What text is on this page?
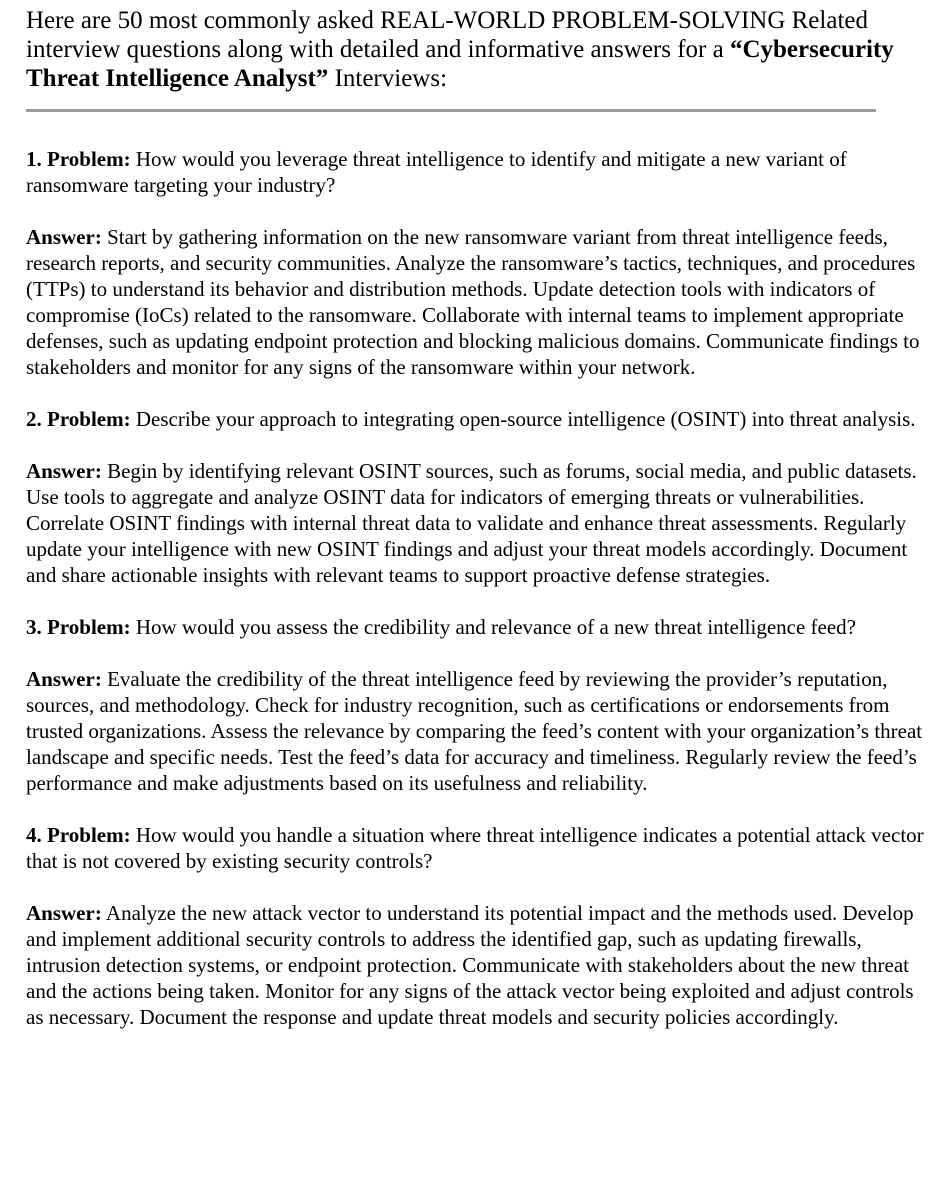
Here are 50 most commonly asked REAL-WORLD PROBLEM-SOLVING Related interview questions along with detailed and informative answers for a “Cybersecurity Threat Intelligence Analyst” Interviews:

1. Problem: How would you leverage threat intelligence to identify and mitigate a new variant of ransomware targeting your industry?

Answer: Start by gathering information on the new ransomware variant from threat intelligence feeds, research reports, and security communities. Analyze the ransomware’s tactics, techniques, and procedures (TTPs) to understand its behavior and distribution methods. Update detection tools with indicators of compromise (IoCs) related to the ransomware. Collaborate with internal teams to implement appropriate defenses, such as updating endpoint protection and blocking malicious domains. Communicate findings to stakeholders and monitor for any signs of the ransomware within your network.

2. Problem: Describe your approach to integrating open-source intelligence (OSINT) into threat analysis.

Answer: Begin by identifying relevant OSINT sources, such as forums, social media, and public datasets. Use tools to aggregate and analyze OSINT data for indicators of emerging threats or vulnerabilities. Correlate OSINT findings with internal threat data to validate and enhance threat assessments. Regularly update your intelligence with new OSINT findings and adjust your threat models accordingly. Document and share actionable insights with relevant teams to support proactive defense strategies.

3. Problem: How would you assess the credibility and relevance of a new threat intelligence feed?

Answer: Evaluate the credibility of the threat intelligence feed by reviewing the provider’s reputation, sources, and methodology. Check for industry recognition, such as certifications or endorsements from trusted organizations. Assess the relevance by comparing the feed’s content with your organization’s threat landscape and specific needs. Test the feed’s data for accuracy and timeliness. Regularly review the feed’s performance and make adjustments based on its usefulness and reliability.

4. Problem: How would you handle a situation where threat intelligence indicates a potential attack vector that is not covered by existing security controls?

Answer: Analyze the new attack vector to understand its potential impact and the methods used. Develop and implement additional security controls to address the identified gap, such as updating firewalls, intrusion detection systems, or endpoint protection. Communicate with stakeholders about the new threat and the actions being taken. Monitor for any signs of the attack vector being exploited and adjust controls as necessary. Document the response and update threat models and security policies accordingly.
